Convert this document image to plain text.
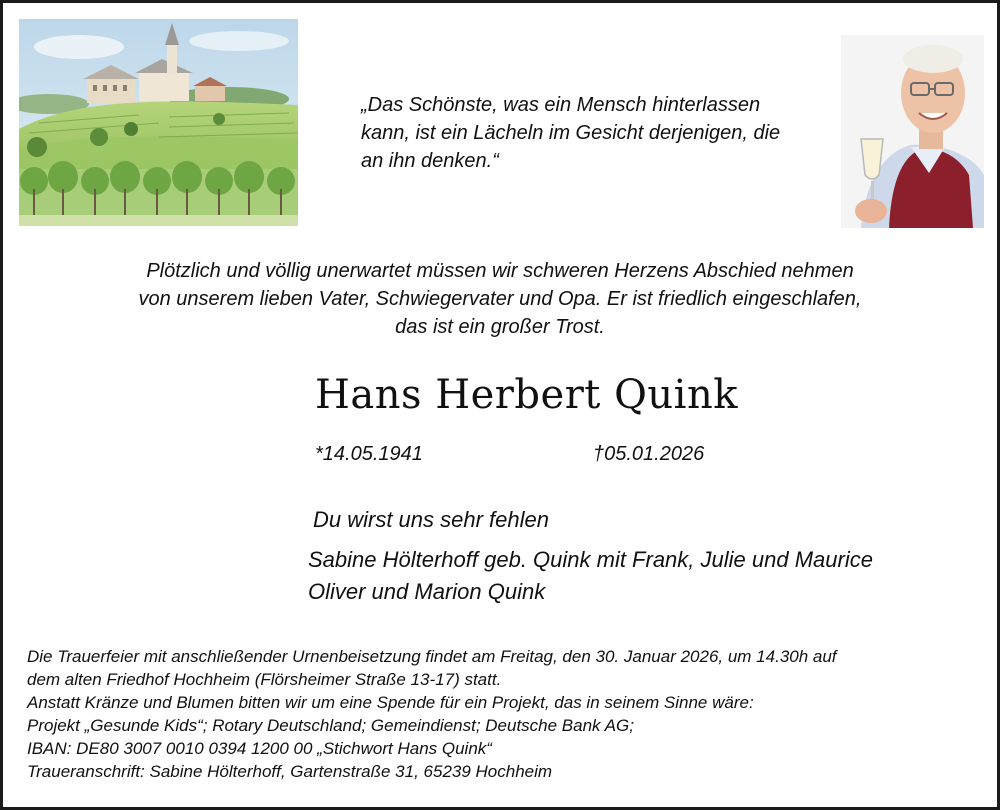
„Das Schönste, was ein Mensch hinterlassen
kann, ist ein Lächeln im Gesicht derjenigen, die
an ihn denken.“
Plötzlich und völlig unerwartet müssen wir schweren Herzens Abschied nehmen
von unserem lieben Vater, Schwiegervater und Opa. Er ist friedlich eingeschlafen,
das ist ein großer Trost.
Hans Herbert Quink
*14.05.1941	†05.01.2026
Du wirst uns sehr fehlen
Sabine Hölterhoff geb. Quink mit Frank, Julie und Maurice
Oliver und Marion Quink
Die Trauerfeier mit anschließender Urnenbeisetzung findet am Freitag, den 30. Januar 2026, um 14.30h auf
dem alten Friedhof Hochheim (Flörsheimer Straße 13-17) statt.
Anstatt Kränze und Blumen bitten wir um eine Spende für ein Projekt, das in seinem Sinne wäre:
Projekt „Gesunde Kids“; Rotary Deutschland; Gemeindienst; Deutsche Bank AG;
IBAN: DE80 3007 0010 0394 1200 00 „Stichwort Hans Quink“
Traueranschrift: Sabine Hölterhoff, Gartenstraße 31, 65239 Hochheim
